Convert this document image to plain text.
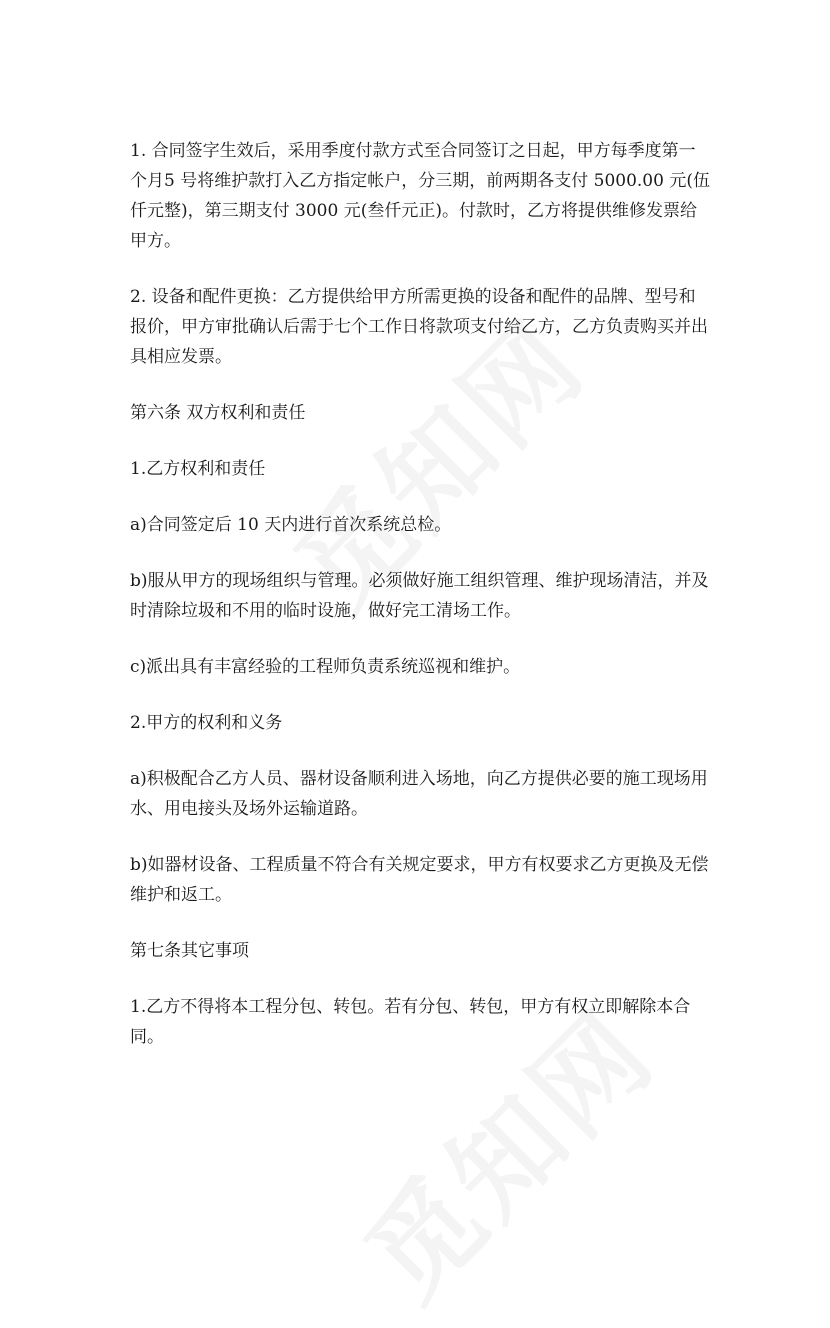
1. 合同签字生效后，采用季度付款方式至合同签订之日起，甲方每季度第一个月5 号将维护款打入乙方指定帐户，分三期，前两期各支付 5000.00 元(伍仟元整)，第三期支付 3000 元(叁仟元正)。付款时，乙方将提供维修发票给甲方。

2. 设备和配件更换：乙方提供给甲方所需更换的设备和配件的品牌、型号和报价，甲方审批确认后需于七个工作日将款项支付给乙方，乙方负责购买并出具相应发票。

第六条 双方权利和责任

1.乙方权利和责任

a)合同签定后 10 天内进行首次系统总检。

b)服从甲方的现场组织与管理。必须做好施工组织管理、维护现场清洁，并及时清除垃圾和不用的临时设施，做好完工清场工作。

c)派出具有丰富经验的工程师负责系统巡视和维护。

2.甲方的权利和义务

a)积极配合乙方人员、器材设备顺利进入场地，向乙方提供必要的施工现场用水、用电接头及场外运输道路。

b)如器材设备、工程质量不符合有关规定要求，甲方有权要求乙方更换及无偿维护和返工。

第七条其它事项

1.乙方不得将本工程分包、转包。若有分包、转包，甲方有权立即解除本合同。
